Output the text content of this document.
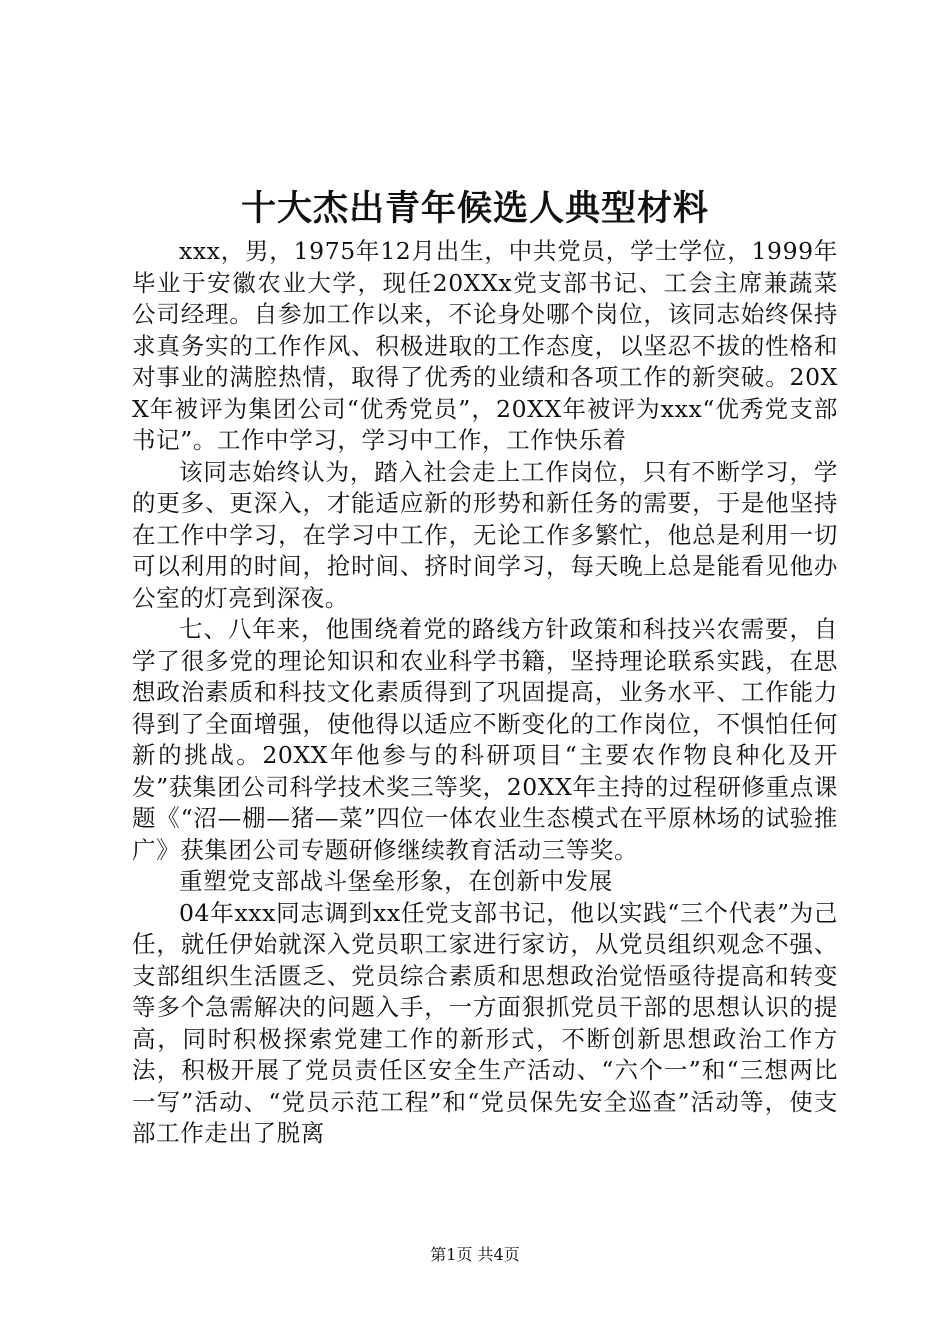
十大杰出青年候选人典型材料

xxx，男，1975年12月出生，中共党员，学士学位，1999年毕业于安徽农业大学，现任20XXx党支部书记、工会主席兼蔬菜公司经理。自参加工作以来，不论身处哪个岗位，该同志始终保持求真务实的工作作风、积极进取的工作态度，以坚忍不拔的性格和对事业的满腔热情，取得了优秀的业绩和各项工作的新突破。20XX年被评为集团公司“优秀党员”，20XX年被评为xxx“优秀党支部书记”。工作中学习，学习中工作，工作快乐着

该同志始终认为，踏入社会走上工作岗位，只有不断学习，学的更多、更深入，才能适应新的形势和新任务的需要，于是他坚持在工作中学习，在学习中工作，无论工作多繁忙，他总是利用一切可以利用的时间，抢时间、挤时间学习，每天晚上总是能看见他办公室的灯亮到深夜。

七、八年来，他围绕着党的路线方针政策和科技兴农需要，自学了很多党的理论知识和农业科学书籍，坚持理论联系实践，在思想政治素质和科技文化素质得到了巩固提高，业务水平、工作能力得到了全面增强，使他得以适应不断变化的工作岗位，不惧怕任何新的挑战。20XX年他参与的科研项目“主要农作物良种化及开发”获集团公司科学技术奖三等奖，20XX年主持的过程研修重点课题《“沼—棚—猪—菜”四位一体农业生态模式在平原林场的试验推广》获集团公司专题研修继续教育活动三等奖。

重塑党支部战斗堡垒形象，在创新中发展

04年xxx同志调到xx任党支部书记，他以实践“三个代表”为己任，就任伊始就深入党员职工家进行家访，从党员组织观念不强、支部组织生活匮乏、党员综合素质和思想政治觉悟亟待提高和转变等多个急需解决的问题入手，一方面狠抓党员干部的思想认识的提高，同时积极探索党建工作的新形式，不断创新思想政治工作方法，积极开展了党员责任区安全生产活动、“六个一”和“三想两比一写”活动、“党员示范工程”和“党员保先安全巡查”活动等，使支部工作走出了脱离

第1页 共4页
